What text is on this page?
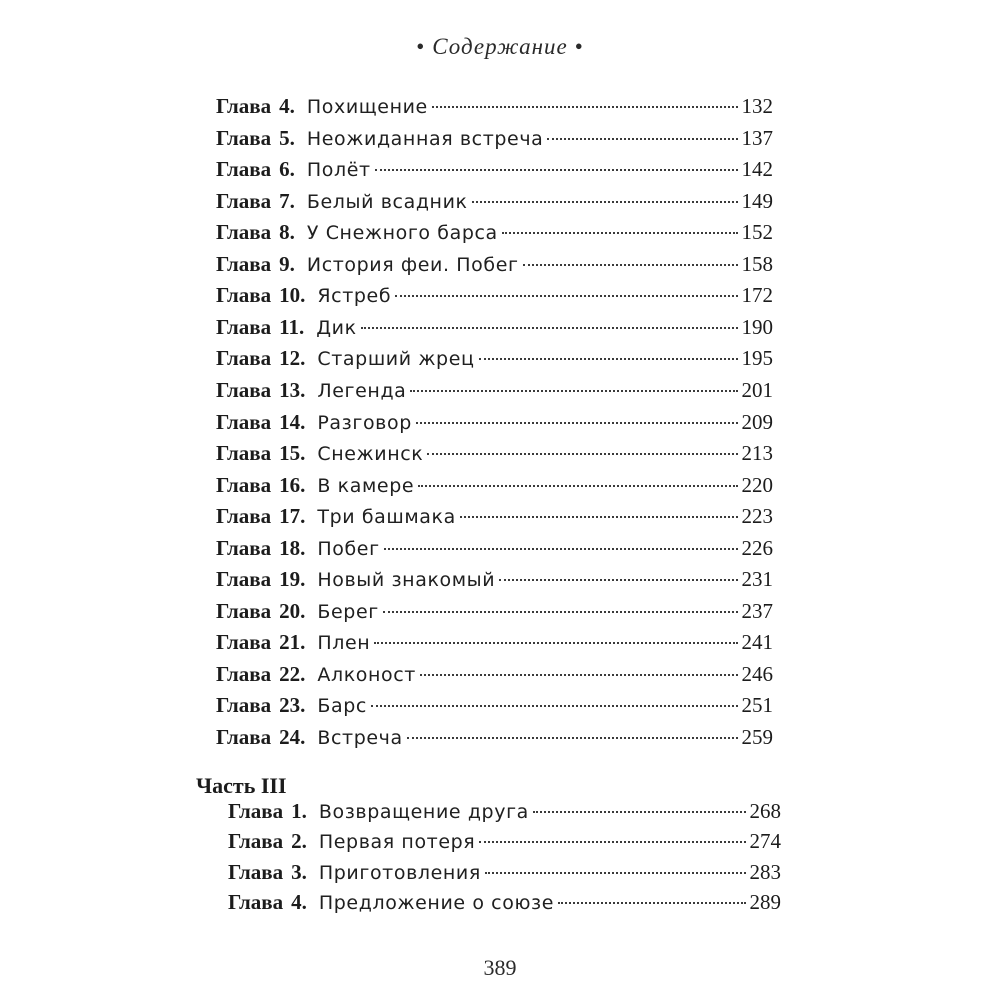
• Содержание •
Глава 4. Похищение	132
Глава 5. Неожиданная встреча	137
Глава 6. Полёт	142
Глава 7. Белый всадник	149
Глава 8. У Снежного барса	152
Глава 9. История феи. Побег	158
Глава 10. Ястреб	172
Глава 11. Дик	190
Глава 12. Старший жрец	195
Глава 13. Легенда	201
Глава 14. Разговор	209
Глава 15. Снежинск	213
Глава 16. В камере	220
Глава 17. Три башмака	223
Глава 18. Побег	226
Глава 19. Новый знакомый	231
Глава 20. Берег	237
Глава 21. Плен	241
Глава 22. Алконост	246
Глава 23. Барс	251
Глава 24. Встреча	259
Часть III
Глава 1. Возвращение друга	268
Глава 2. Первая потеря	274
Глава 3. Приготовления	283
Глава 4. Предложение о союзе	289
389
